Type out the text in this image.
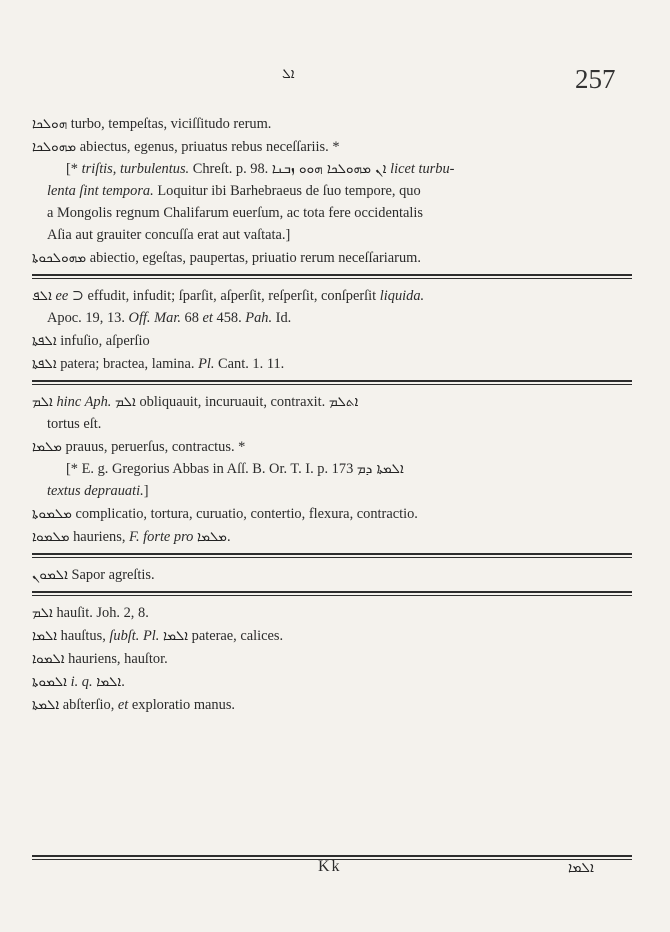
ܐܠ	257
ܗܘܠܟܐ turbo, tempeſtas, viciſſitudo rerum.
ܡܗܘܠܟܐ abiectus, egenus, priuatus rebus neceſſariis. *
[* triſtis, turbulentus. Chreſt. p. 98. ܐܢ ܡܗܘܠܟܐ ܗܘܘ ܙܒܢܐ licet turbu-
lenta ſint tempora. Loquitur ibi Barhebraeus de ſuo tempore, quo
a Mongolis regnum Chalifarum euerſum, ac tota fere occidentalis
Aſia aut grauiter concuſſa erat aut vaſtata.]
ܡܗܘܠܟܘܬܐ abiectio, egeſtas, paupertas, priuatio rerum neceſſariarum.
ܐܠܦ ee ⊃ effudit, infudit; ſparſit, aſperſit, reſperſit, conſperſit liquida.
Apoc. 19, 13. Off. Mar. 68 et 458. Pah. Id.
ܐܠܦܬܐ infuſio, aſperſio
ܐܠܦܬܐ patera; bractea, lamina. Pl. Cant. 1. 11.
ܐܠܡ hinc Aph. ܐܠܡ obliquauit, incuruauit, contraxit. ܐܬܠܡ
tortus eſt.
ܡܠܡܐ prauus, peruerſus, contractus. *
[* E. g. Gregorius Abbas in Aſſ. B. Or. T. I. p. 173 ܐܠܡܬܐ ܕܡ
textus deprauati.]
ܡܠܡܘܬܐ complicatio, tortura, curuatio, contertio, flexura, contractio.
ܡܠܡܘܐ hauriens, F. forte pro ܡܠܡܐ.
ܐܠܡܘܢ Sapor agreſtis.
ܐܠܡ hauſit. Joh. 2, 8.
ܐܠܡܐ hauſtus, ſubſt. Pl. ܐܠܡܐ paterae, calices.
ܐܠܡܘܐ hauriens, hauſtor.
ܐܠܡܘܬܐ i. q. ܐܠܡܐ.
ܐܠܡܬܐ abſterſio, et exploratio manus.
Kk	ܐܠܡܐ
